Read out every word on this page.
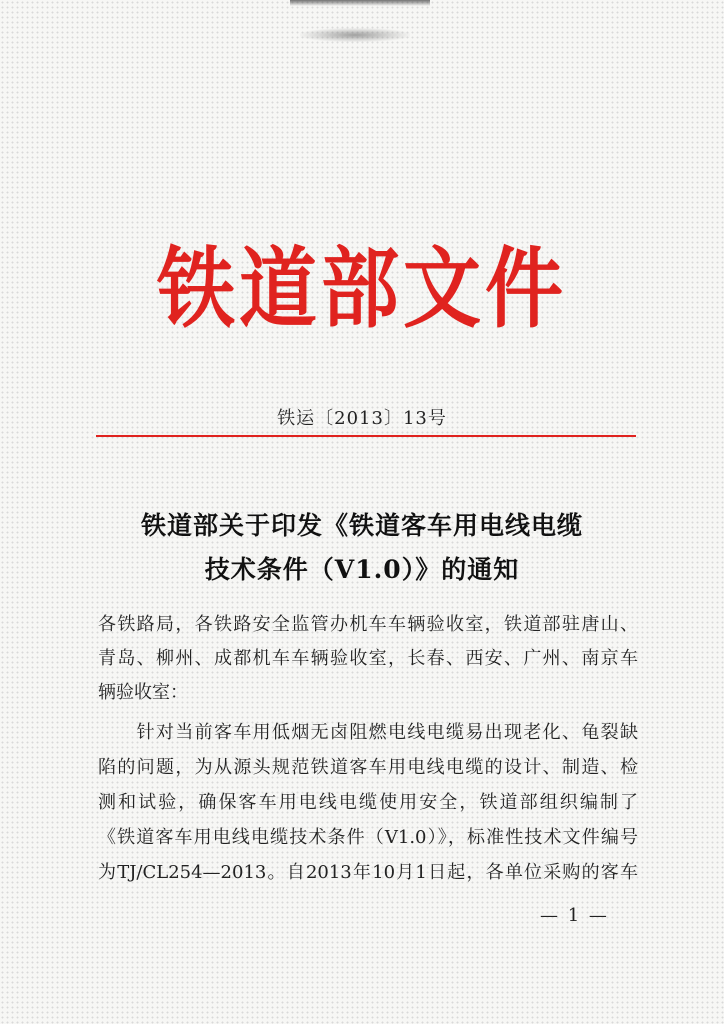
铁道部文件
铁运〔2013〕13号
铁道部关于印发《铁道客车用电线电缆
技术条件（V1.0）》的通知
各铁路局，各铁路安全监管办机车车辆验收室，铁道部驻唐山、
青岛、柳州、成都机车车辆验收室，长春、西安、广州、南京车
辆验收室：
　　针对当前客车用低烟无卤阻燃电线电缆易出现老化、龟裂缺
陷的问题，为从源头规范铁道客车用电线电缆的设计、制造、检
测和试验，确保客车用电线电缆使用安全，铁道部组织编制了
《铁道客车用电线电缆技术条件（V1.0）》，标准性技术文件编号
为TJ/CL254—2013。自2013年10月1日起，各单位采购的客车
— 1 —
